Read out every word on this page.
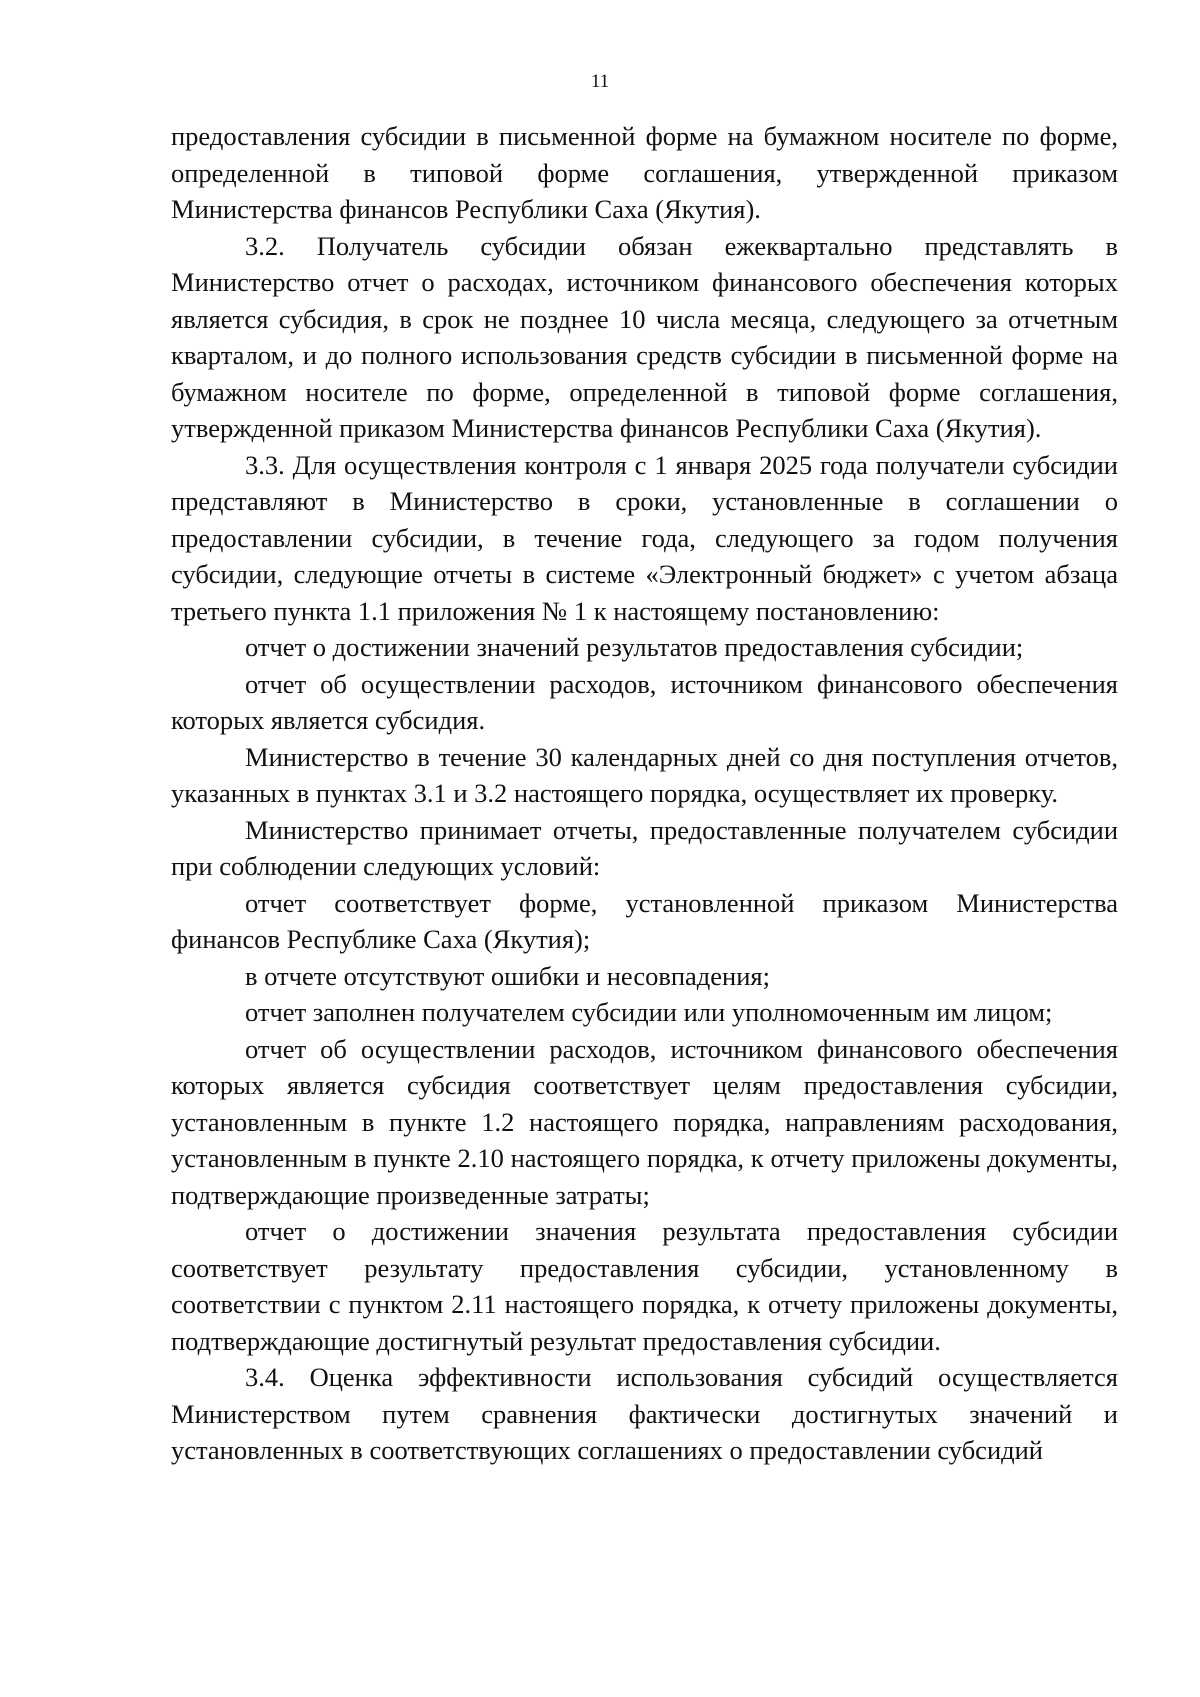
11

предоставления субсидии в письменной форме на бумажном носителе по форме, определенной в типовой форме соглашения, утвержденной приказом Министерства финансов Республики Саха (Якутия).

3.2. Получатель субсидии обязан ежеквартально представлять в Министерство отчет о расходах, источником финансового обеспечения которых является субсидия, в срок не позднее 10 числа месяца, следующего за отчетным кварталом, и до полного использования средств субсидии в письменной форме на бумажном носителе по форме, определенной в типовой форме соглашения, утвержденной приказом Министерства финансов Республики Саха (Якутия).

3.3. Для осуществления контроля с 1 января 2025 года получатели субсидии представляют в Министерство в сроки, установленные в соглашении о предоставлении субсидии, в течение года, следующего за годом получения субсидии, следующие отчеты в системе «Электронный бюджет» с учетом абзаца третьего пункта 1.1 приложения № 1 к настоящему постановлению:

отчет о достижении значений результатов предоставления субсидии;

отчет об осуществлении расходов, источником финансового обеспечения которых является субсидия.

Министерство в течение 30 календарных дней со дня поступления отчетов, указанных в пунктах 3.1 и 3.2 настоящего порядка, осуществляет их проверку.

Министерство принимает отчеты, предоставленные получателем субсидии при соблюдении следующих условий:

отчет соответствует форме, установленной приказом Министерства финансов Республике Саха (Якутия);

в отчете отсутствуют ошибки и несовпадения;

отчет заполнен получателем субсидии или уполномоченным им лицом;

отчет об осуществлении расходов, источником финансового обеспечения которых является субсидия соответствует целям предоставления субсидии, установленным в пункте 1.2 настоящего порядка, направлениям расходования, установленным в пункте 2.10 настоящего порядка, к отчету приложены документы, подтверждающие произведенные затраты;

отчет о достижении значения результата предоставления субсидии соответствует результату предоставления субсидии, установленному в соответствии с пунктом 2.11 настоящего порядка, к отчету приложены документы, подтверждающие достигнутый результат предоставления субсидии.

3.4. Оценка эффективности использования субсидий осуществляется Министерством путем сравнения фактически достигнутых значений и установленных в соответствующих соглашениях о предоставлении субсидий
